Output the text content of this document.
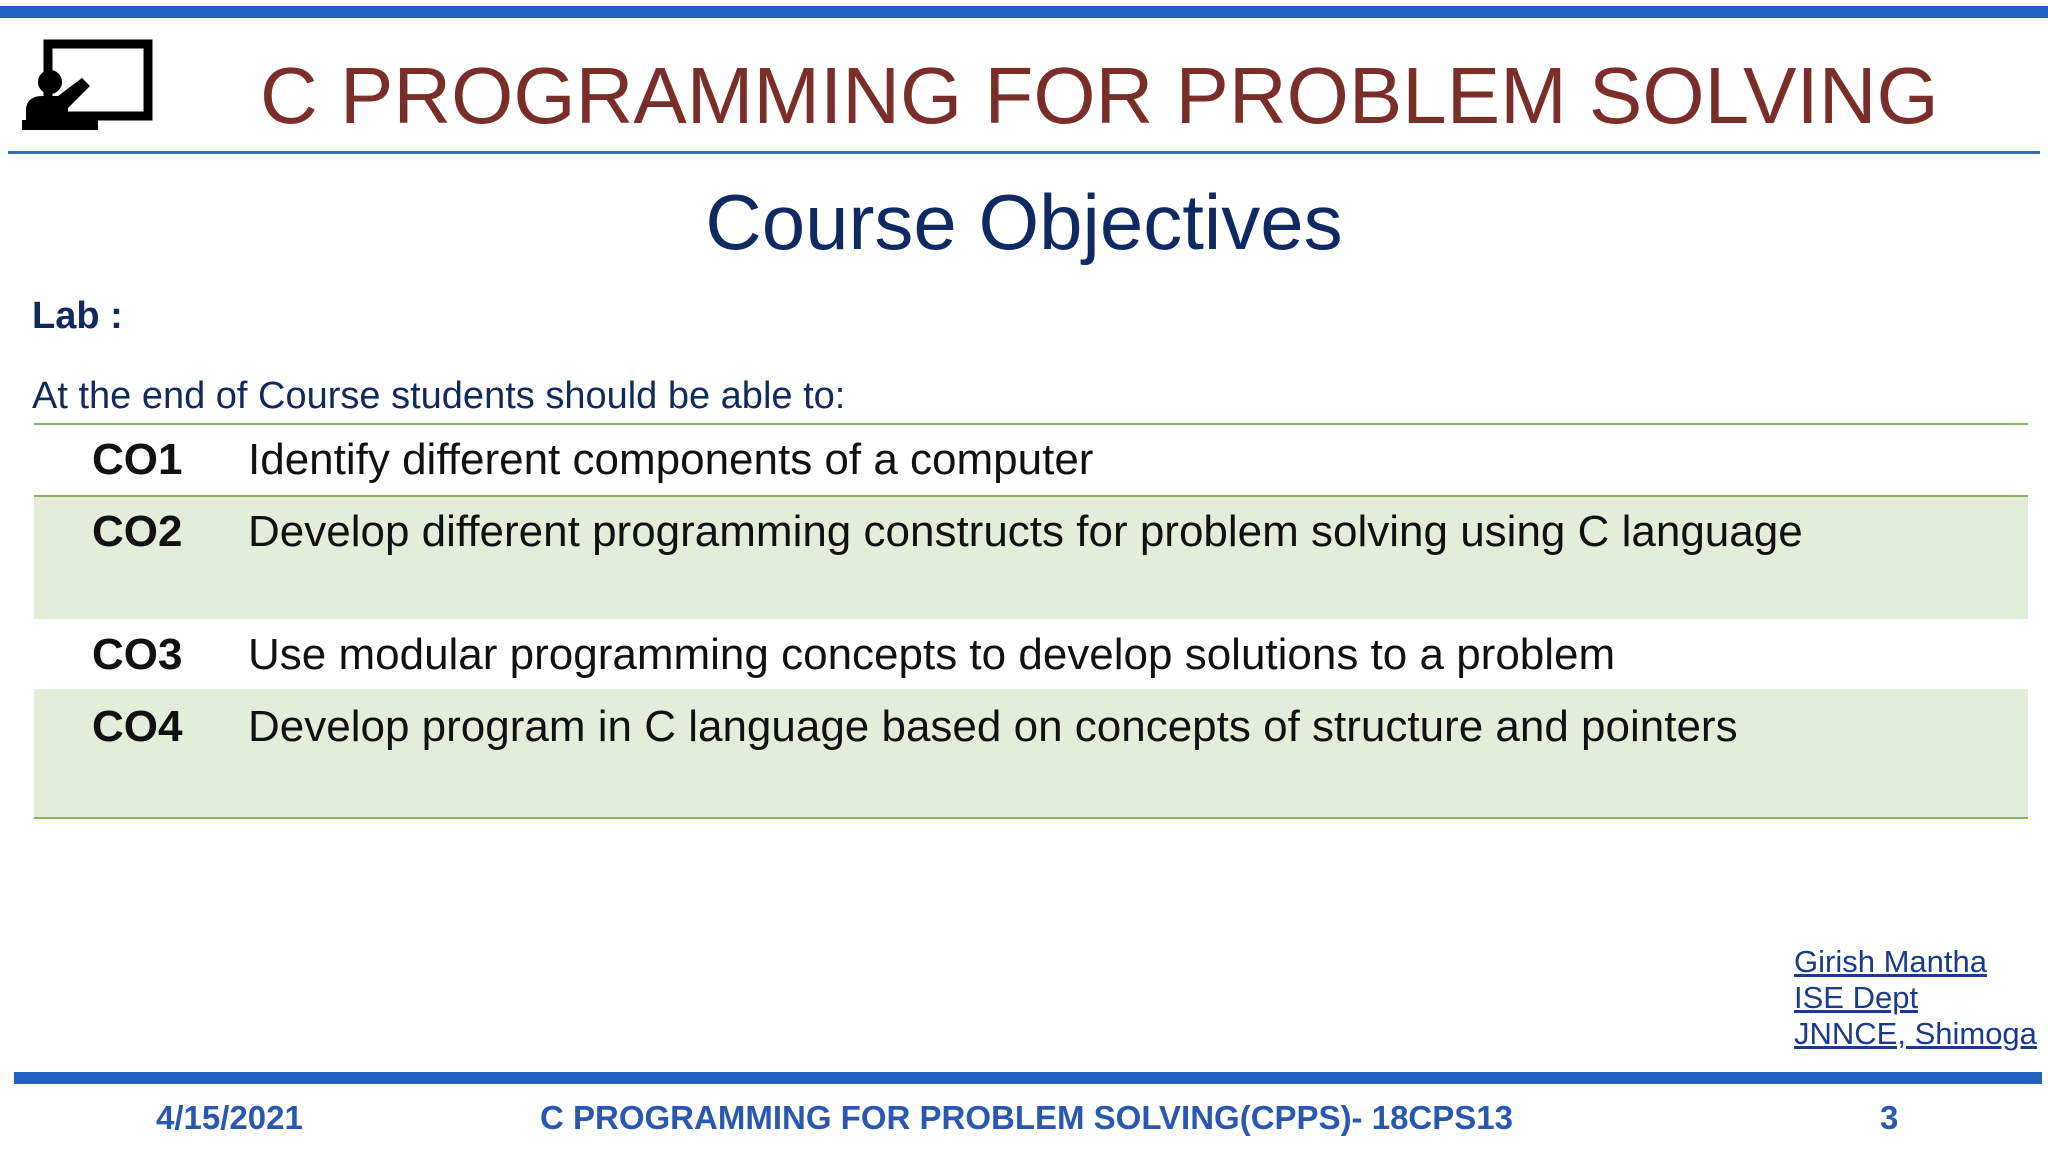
C PROGRAMMING FOR PROBLEM SOLVING
Course Objectives
Lab :
At the end of Course students should be able to:
CO1	Identify different components of a computer
CO2	Develop different programming constructs for problem solving using C language
CO3	Use modular programming concepts to develop solutions to a problem
CO4	Develop program in C language based on concepts of structure and pointers
Girish Mantha
ISE Dept
JNNCE, Shimoga
4/15/2021	C PROGRAMMING FOR PROBLEM SOLVING(CPPS)- 18CPS13	3
